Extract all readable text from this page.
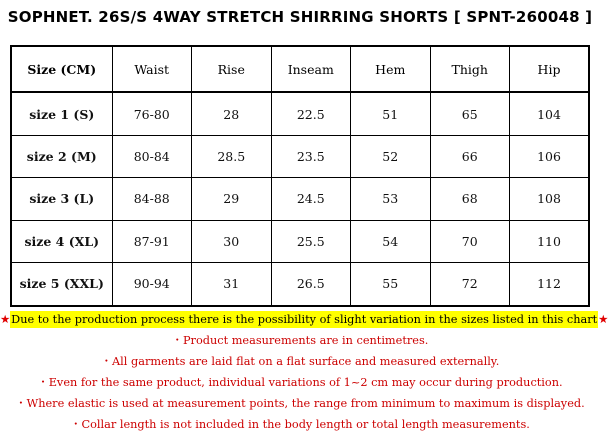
SOPHNET. 26S/S 4WAY STRETCH SHIRRING SHORTS [ SPNT-260048 ]
Size (CM)	Waist	Rise	Inseam	Hem	Thigh	Hip
size 1 (S)	76-80	28	22.5	51	65	104
size 2 (M)	80-84	28.5	23.5	52	66	106
size 3 (L)	84-88	29	24.5	53	68	108
size 4 (XL)	87-91	30	25.5	54	70	110
size 5 (XXL)	90-94	31	26.5	55	72	112
★Due to the production process there is the possibility of slight variation in the sizes listed in this chart★
・Product measurements are in centimetres.
・All garments are laid flat on a flat surface and measured externally.
・Even for the same product, individual variations of 1~2 cm may occur during production.
・Where elastic is used at measurement points, the range from minimum to maximum is displayed.
・Collar length is not included in the body length or total length measurements.
